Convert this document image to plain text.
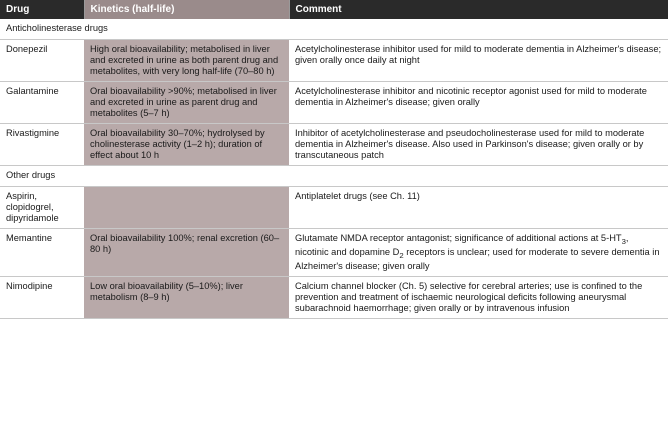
Drug	Kinetics (half-life)	Comment
Anticholinesterase drugs		
Donepezil	High oral bioavailability; metabolised in liver and excreted in urine as both parent drug and metabolites, with very long half-life (70–80 h)	Acetylcholinesterase inhibitor used for mild to moderate dementia in Alzheimer's disease; given orally once daily at night
Galantamine	Oral bioavailability >90%; metabolised in liver and excreted in urine as parent drug and metabolites (5–7 h)	Acetylcholinesterase inhibitor and nicotinic receptor agonist used for mild to moderate dementia in Alzheimer's disease; given orally
Rivastigmine	Oral bioavailability 30–70%; hydrolysed by cholinesterase activity (1–2 h); duration of effect about 10 h	Inhibitor of acetylcholinesterase and pseudocholinesterase used for mild to moderate dementia in Alzheimer's disease. Also used in Parkinson's disease; given orally or by transcutaneous patch
Other drugs		
Aspirin, clopidogrel, dipyridamole		Antiplatelet drugs (see Ch. 11)
Memantine	Oral bioavailability 100%; renal excretion (60–80 h)	Glutamate NMDA receptor antagonist; significance of additional actions at $5-HT_3$, nicotinic and dopamine $D_2$ receptors is unclear; used for moderate to severe dementia in Alzheimer's disease; given orally
Nimodipine	Low oral bioavailability (5–10%); liver metabolism (8–9 h)	Calcium channel blocker (Ch. 5) selective for cerebral arteries; use is confined to the prevention and treatment of ischaemic neurological deficits following aneurysmal subarachnoid haemorrhage; given orally or by intravenous infusion
